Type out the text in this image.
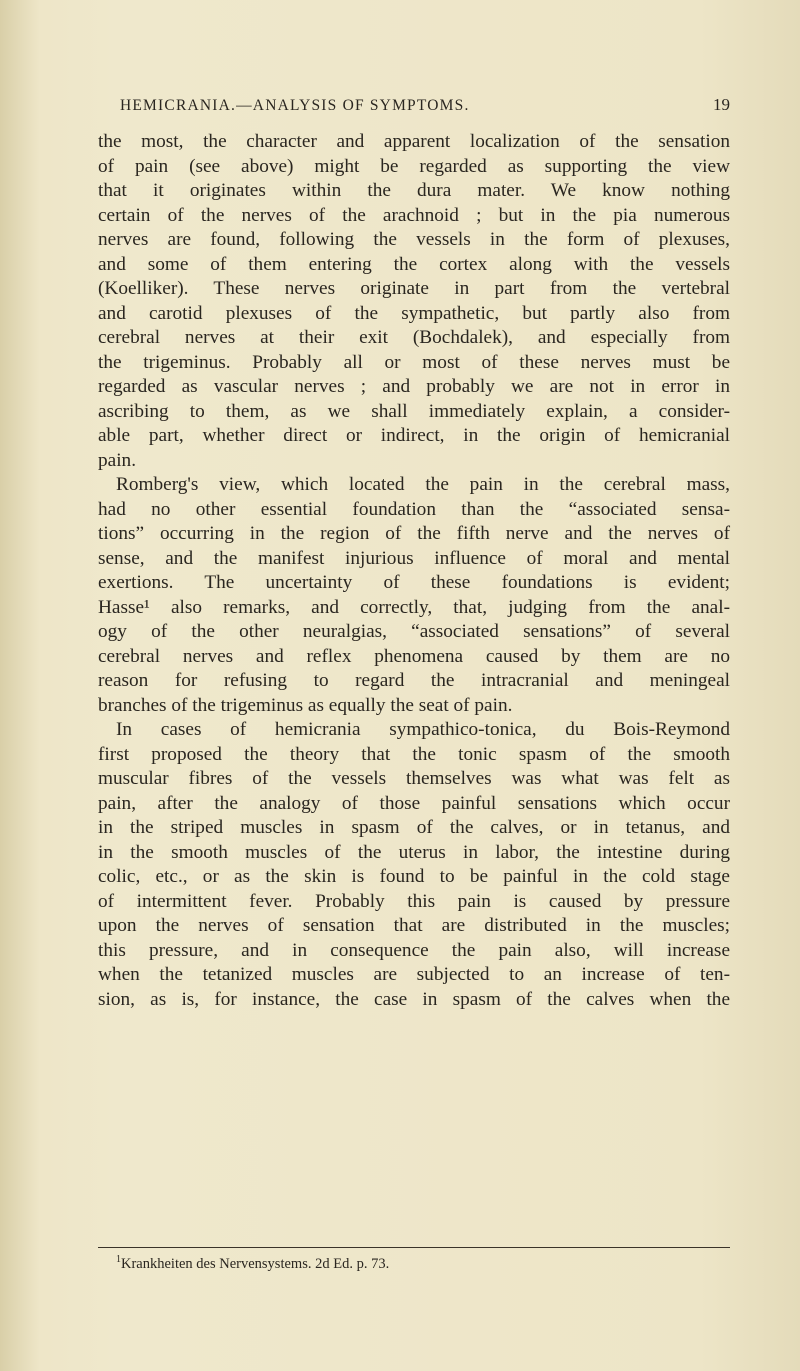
HEMICRANIA.—ANALYSIS OF SYMPTOMS.	19

the most, the character and apparent localization of the sensation
of pain (see above) might be regarded as supporting the view
that it originates within the dura mater. We know nothing
certain of the nerves of the arachnoid ; but in the pia numerous
nerves are found, following the vessels in the form of plexuses,
and some of them entering the cortex along with the vessels
(Koelliker). These nerves originate in part from the vertebral
and carotid plexuses of the sympathetic, but partly also from
cerebral nerves at their exit (Bochdalek), and especially from
the trigeminus. Probably all or most of these nerves must be
regarded as vascular nerves ; and probably we are not in error in
ascribing to them, as we shall immediately explain, a consider-
able part, whether direct or indirect, in the origin of hemicranial
pain.

Romberg's view, which located the pain in the cerebral mass,
had no other essential foundation than the “associated sensa-
tions” occurring in the region of the fifth nerve and the nerves of
sense, and the manifest injurious influence of moral and mental
exertions. The uncertainty of these foundations is evident;
Hasse¹ also remarks, and correctly, that, judging from the anal-
ogy of the other neuralgias, “associated sensations” of several
cerebral nerves and reflex phenomena caused by them are no
reason for refusing to regard the intracranial and meningeal
branches of the trigeminus as equally the seat of pain.

In cases of hemicrania sympathico-tonica, du Bois-Reymond
first proposed the theory that the tonic spasm of the smooth
muscular fibres of the vessels themselves was what was felt as
pain, after the analogy of those painful sensations which occur
in the striped muscles in spasm of the calves, or in tetanus, and
in the smooth muscles of the uterus in labor, the intestine during
colic, etc., or as the skin is found to be painful in the cold stage
of intermittent fever. Probably this pain is caused by pressure
upon the nerves of sensation that are distributed in the muscles;
this pressure, and in consequence the pain also, will increase
when the tetanized muscles are subjected to an increase of ten-
sion, as is, for instance, the case in spasm of the calves when the

$^1$Krankheiten des Nervensystems. 2d Ed. p. 73.
